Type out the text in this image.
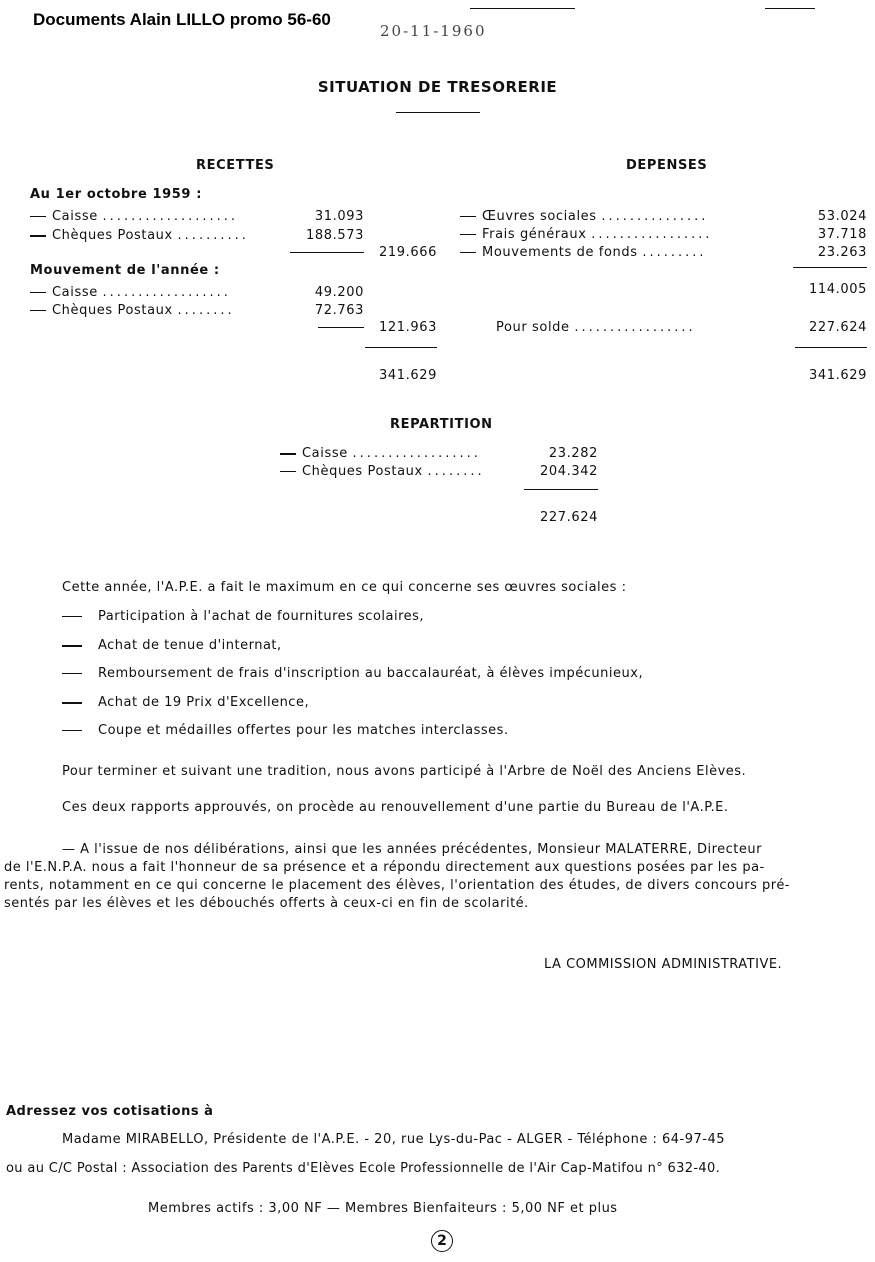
Documents Alain LILLO promo 56-60
20-11-1960
SITUATION DE TRESORERIE
RECETTES
Au 1er octobre 1959 :
Caisse ...................	31.093
Chèques Postaux ..........	188.573
219.666
Mouvement de l'année :
Caisse ..................	49.200
Chèques Postaux ........	72.763
121.963
341.629
DEPENSES
Œuvres sociales ...............	53.024
Frais généraux .................	37.718
Mouvements de fonds .........	23.263
114.005
Pour solde .................	227.624
341.629
REPARTITION
Caisse ..................	23.282
Chèques Postaux ........	204.342
227.624
Cette année, l'A.P.E. a fait le maximum en ce qui concerne ses œuvres sociales :
Participation à l'achat de fournitures scolaires,
Achat de tenue d'internat,
Remboursement de frais d'inscription au baccalauréat, à élèves impécunieux,
Achat de 19 Prix d'Excellence,
Coupe et médailles offertes pour les matches interclasses.
Pour terminer et suivant une tradition, nous avons participé à l'Arbre de Noël des Anciens Elèves.
Ces deux rapports approuvés, on procède au renouvellement d'une partie du Bureau de l'A.P.E.
— A l'issue de nos délibérations, ainsi que les années précédentes, Monsieur MALATERRE, Directeur
de l'E.N.P.A. nous a fait l'honneur de sa présence et a répondu directement aux questions posées par les pa-
rents, notamment en ce qui concerne le placement des élèves, l'orientation des études, de divers concours pré-
sentés par les élèves et les débouchés offerts à ceux-ci en fin de scolarité.
LA COMMISSION ADMINISTRATIVE.
Adressez vos cotisations à
Madame MIRABELLO, Présidente de l'A.P.E. - 20, rue Lys-du-Pac - ALGER - Téléphone : 64-97-45
ou au C/C Postal : Association des Parents d'Elèves Ecole Professionnelle de l'Air Cap-Matifou n° 632-40.
Membres actifs : 3,00 NF — Membres Bienfaiteurs : 5,00 NF et plus
2
